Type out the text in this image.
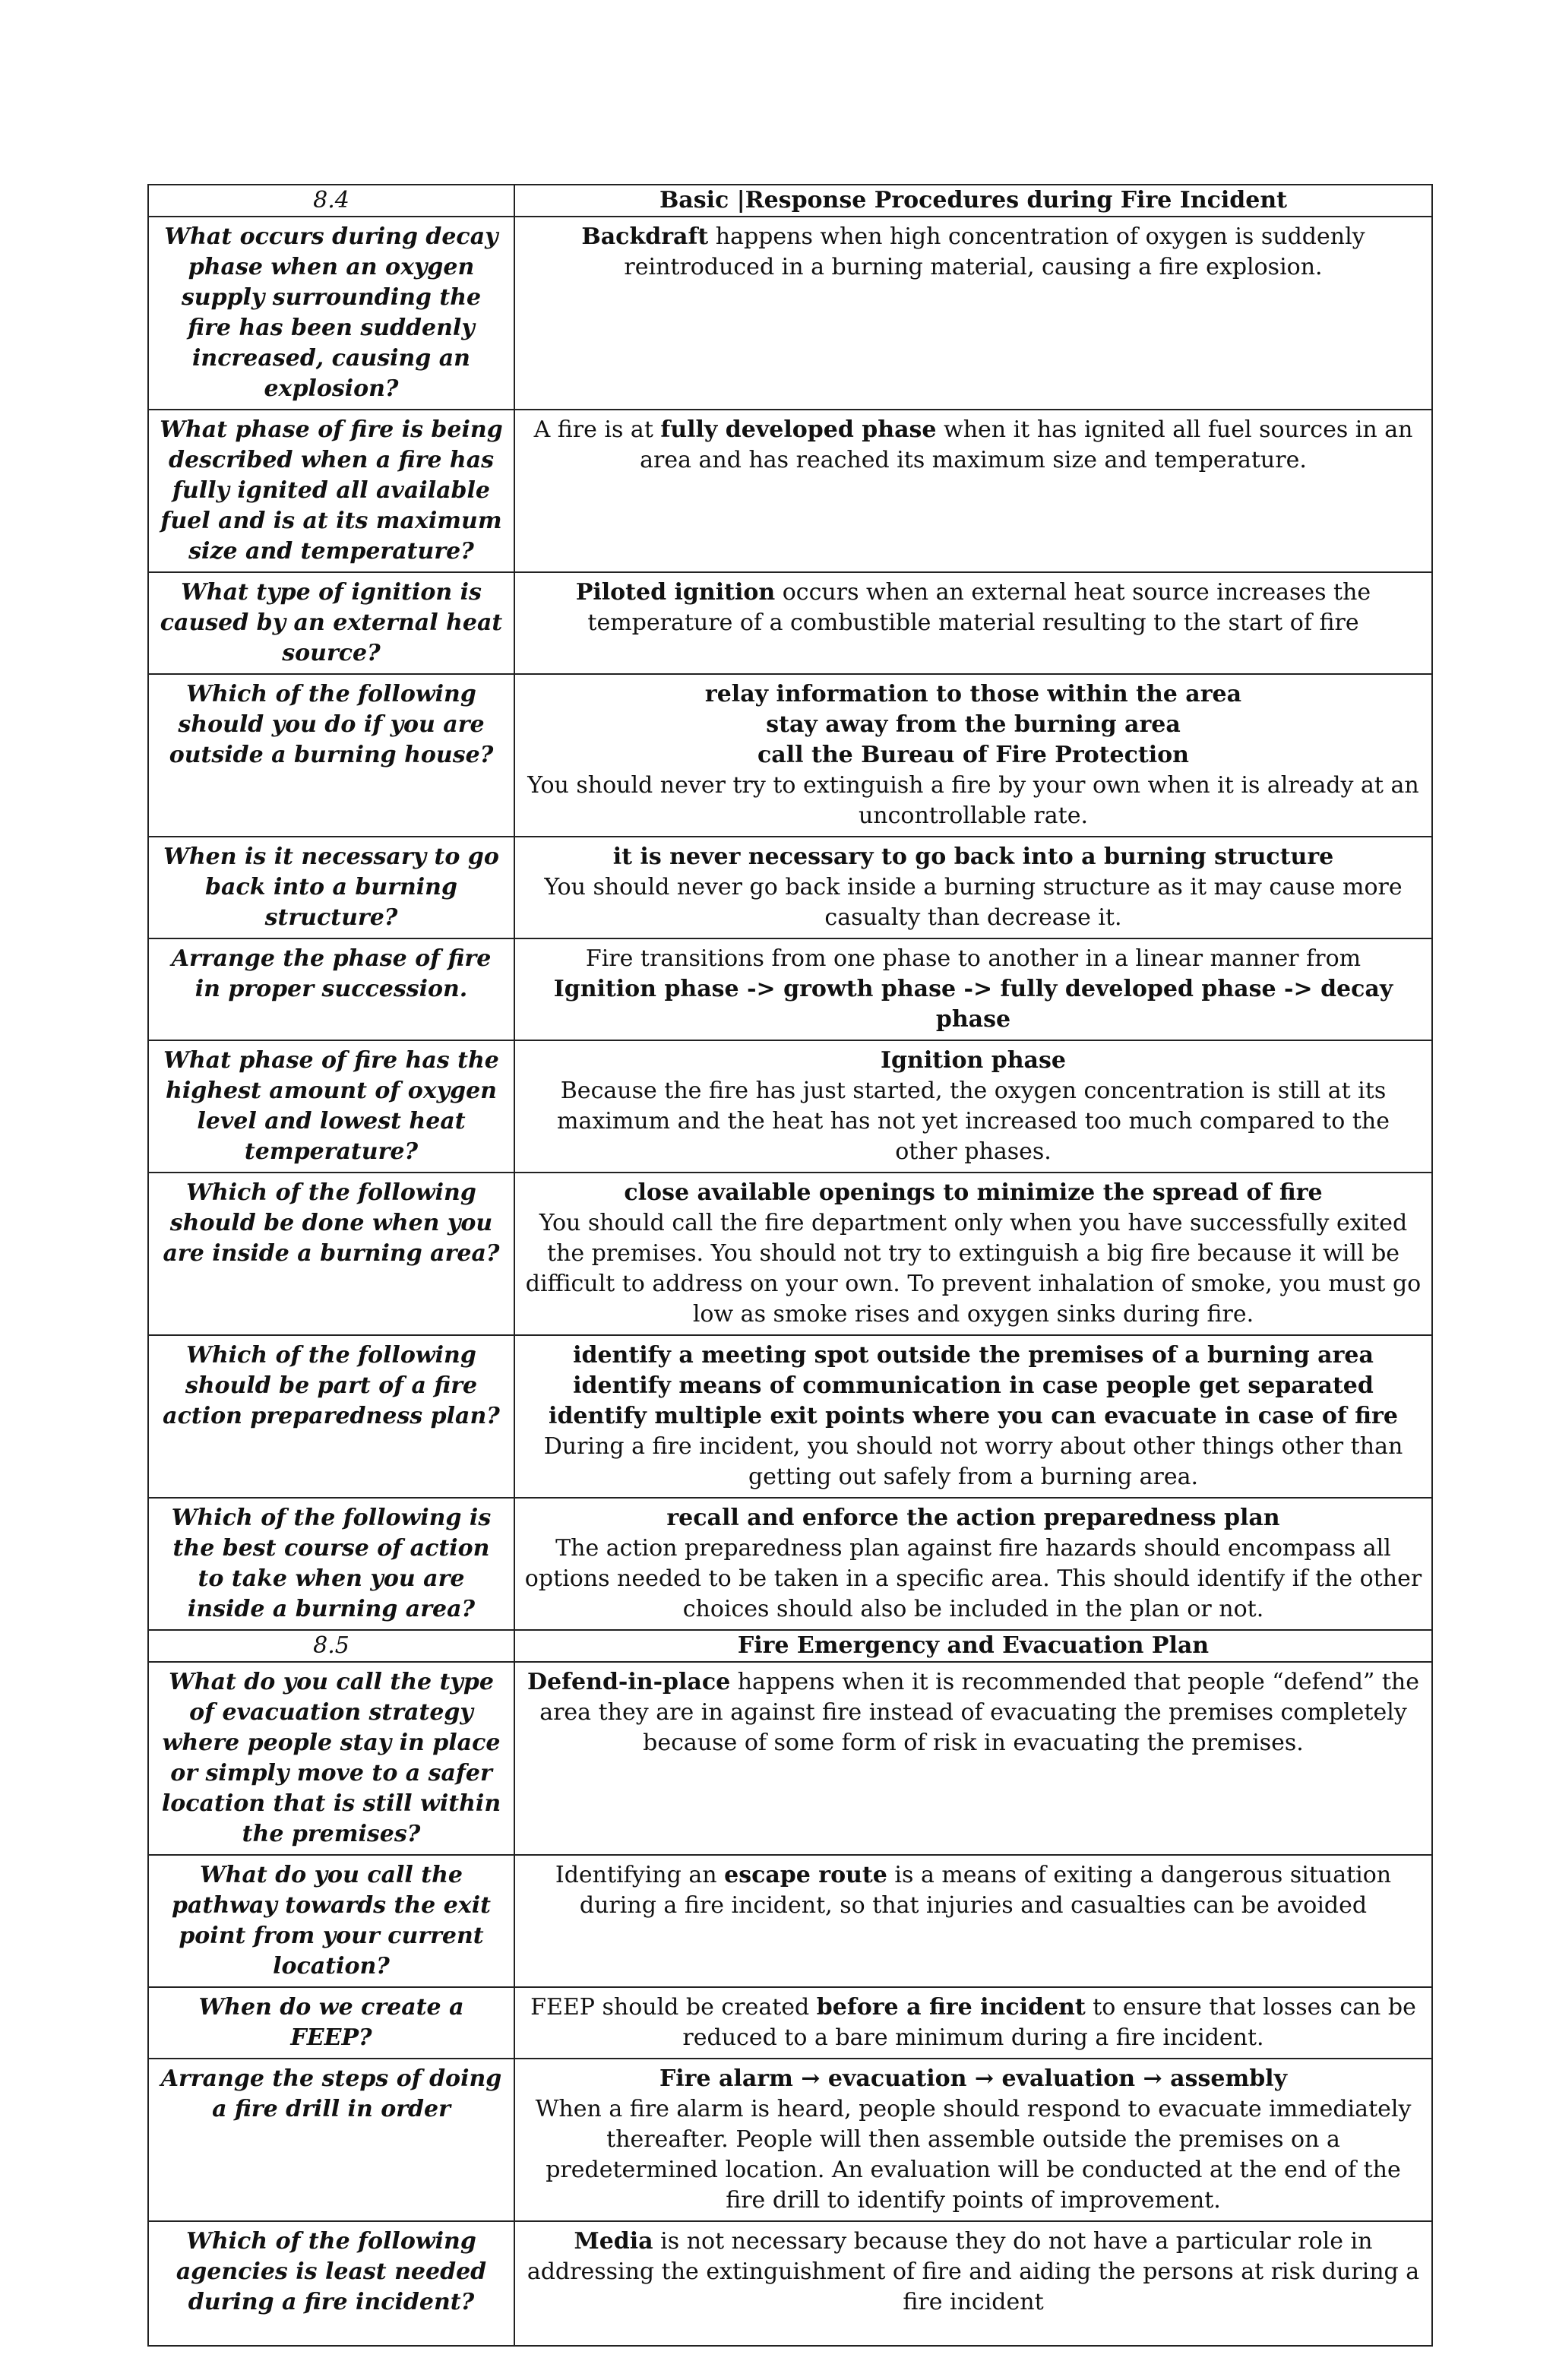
8.4	Basic |Response Procedures during Fire Incident
What occurs during decay phase when an oxygen supply surrounding the fire has been suddenly increased, causing an explosion?	Backdraft happens when high concentration of oxygen is suddenly reintroduced in a burning material, causing a fire explosion.

What phase of fire is being described when a fire has fully ignited all available fuel and is at its maximum size and temperature?	A fire is at fully developed phase when it has ignited all fuel sources in an area and has reached its maximum size and temperature.

What type of ignition is caused by an external heat source?	Piloted ignition occurs when an external heat source increases the temperature of a combustible material resulting to the start of fire

Which of the following should you do if you are outside a burning house?	relay information to those within the area
stay away from the burning area
call the Bureau of Fire Protection
You should never try to extinguish a fire by your own when it is already at an uncontrollable rate.

When is it necessary to go back into a burning structure?	it is never necessary to go back into a burning structure
You should never go back inside a burning structure as it may cause more casualty than decrease it.

Arrange the phase of fire in proper succession.	Fire transitions from one phase to another in a linear manner from
Ignition phase -> growth phase -> fully developed phase -> decay phase

What phase of fire has the highest amount of oxygen level and lowest heat temperature?	Ignition phase
Because the fire has just started, the oxygen concentration is still at its maximum and the heat has not yet increased too much compared to the other phases.

Which of the following should be done when you are inside a burning area?	close available openings to minimize the spread of fire
You should call the fire department only when you have successfully exited the premises. You should not try to extinguish a big fire because it will be difficult to address on your own. To prevent inhalation of smoke, you must go low as smoke rises and oxygen sinks during fire.

Which of the following should be part of a fire action preparedness plan?	identify a meeting spot outside the premises of a burning area
identify means of communication in case people get separated
identify multiple exit points where you can evacuate in case of fire
During a fire incident, you should not worry about other things other than getting out safely from a burning area.

Which of the following is the best course of action to take when you are inside a burning area?	recall and enforce the action preparedness plan
The action preparedness plan against fire hazards should encompass all options needed to be taken in a specific area. This should identify if the other choices should also be included in the plan or not.

8.5	Fire Emergency and Evacuation Plan
What do you call the type of evacuation strategy where people stay in place or simply move to a safer location that is still within the premises?	Defend-in-place happens when it is recommended that people “defend” the area they are in against fire instead of evacuating the premises completely because of some form of risk in evacuating the premises.

What do you call the pathway towards the exit point from your current location?	Identifying an escape route is a means of exiting a dangerous situation during a fire incident, so that injuries and casualties can be avoided

When do we create a FEEP?	FEEP should be created before a fire incident to ensure that losses can be reduced to a bare minimum during a fire incident.

Arrange the steps of doing a fire drill in order	Fire alarm → evacuation → evaluation → assembly
When a fire alarm is heard, people should respond to evacuate immediately thereafter. People will then assemble outside the premises on a predetermined location. An evaluation will be conducted at the end of the fire drill to identify points of improvement.

Which of the following agencies is least needed during a fire incident?	Media is not necessary because they do not have a particular role in addressing the extinguishment of fire and aiding the persons at risk during a fire incident
